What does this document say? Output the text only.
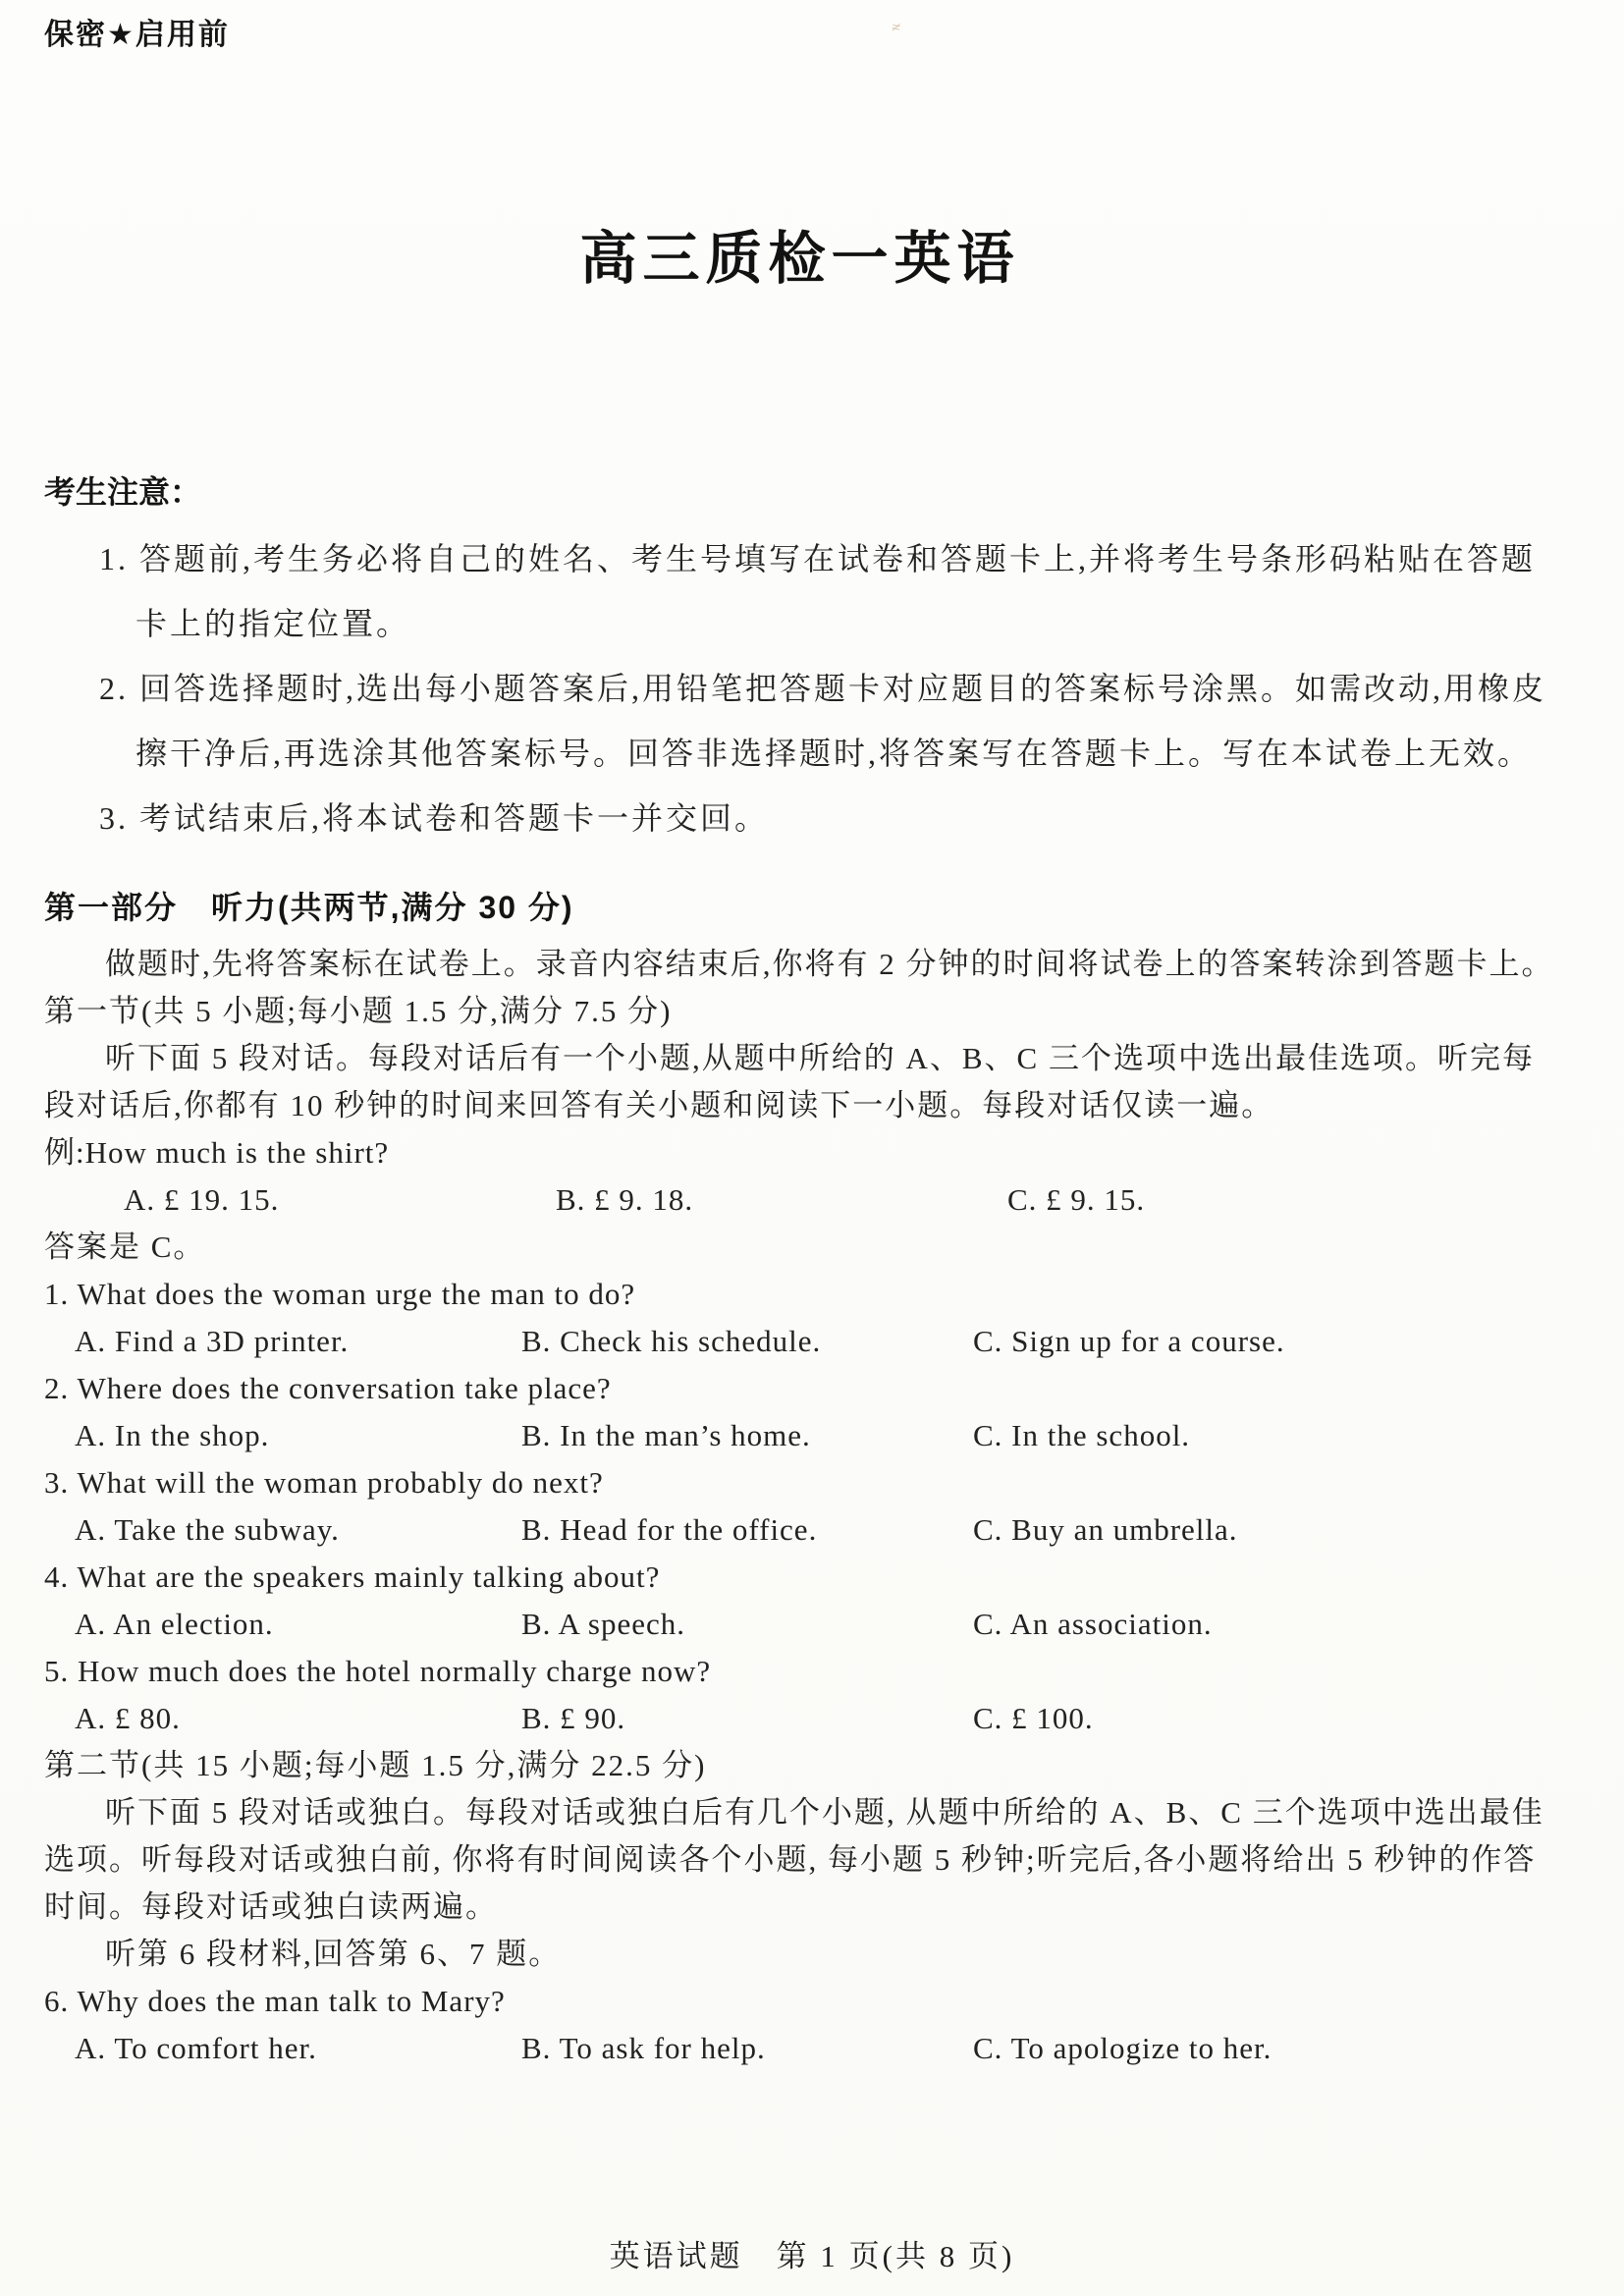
≠
保密★启用前
高三质检一英语
考生注意：
1. 答题前,考生务必将自己的姓名、考生号填写在试卷和答题卡上,并将考生号条形码粘贴在答题卡上的指定位置。
2. 回答选择题时,选出每小题答案后,用铅笔把答题卡对应题目的答案标号涂黑。如需改动,用橡皮擦干净后,再选涂其他答案标号。回答非选择题时,将答案写在答题卡上。写在本试卷上无效。
3. 考试结束后,将本试卷和答题卡一并交回。
第一部分　听力(共两节,满分 30 分)
做题时,先将答案标在试卷上。录音内容结束后,你将有 2 分钟的时间将试卷上的答案转涂到答题卡上。
第一节(共 5 小题;每小题 1.5 分,满分 7.5 分)
听下面 5 段对话。每段对话后有一个小题,从题中所给的 A、B、C 三个选项中选出最佳选项。听完每段对话后,你都有 10 秒钟的时间来回答有关小题和阅读下一小题。每段对话仅读一遍。
例:How much is the shirt?
A. £ 19. 15.	B. £ 9. 18.	C. £ 9. 15.
答案是 C。
1. What does the woman urge the man to do?
A. Find a 3D printer.	B. Check his schedule.	C. Sign up for a course.
2. Where does the conversation take place?
A. In the shop.	B. In the man’s home.	C. In the school.
3. What will the woman probably do next?
A. Take the subway.	B. Head for the office.	C. Buy an umbrella.
4. What are the speakers mainly talking about?
A. An election.	B. A speech.	C. An association.
5. How much does the hotel normally charge now?
A. £ 80.	B. £ 90.	C. £ 100.
第二节(共 15 小题;每小题 1.5 分,满分 22.5 分)
听下面 5 段对话或独白。每段对话或独白后有几个小题, 从题中所给的 A、B、C 三个选项中选出最佳选项。听每段对话或独白前, 你将有时间阅读各个小题, 每小题 5 秒钟;听完后,各小题将给出 5 秒钟的作答时间。每段对话或独白读两遍。
听第 6 段材料,回答第 6、7 题。
6. Why does the man talk to Mary?
A. To comfort her.	B. To ask for help.	C. To apologize to her.
英语试题　第 1 页(共 8 页)
